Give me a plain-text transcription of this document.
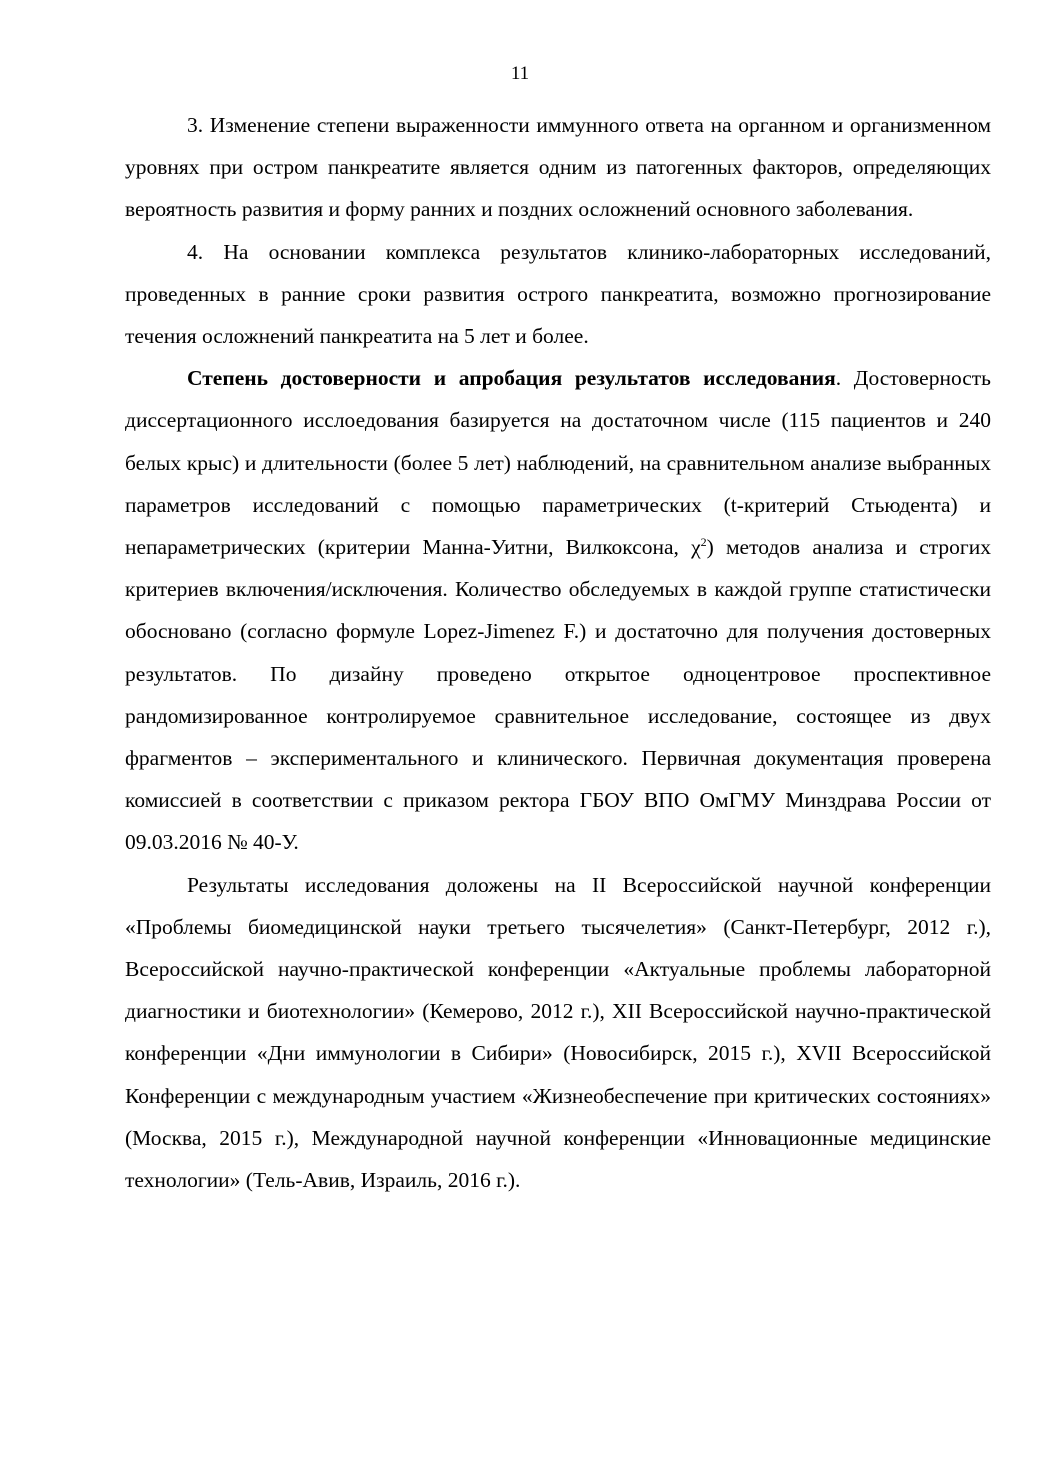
11

3. Изменение степени выраженности иммунного ответа на органном и организменном уровнях при остром панкреатите является одним из патогенных факторов, определяющих вероятность развития и форму ранних и поздних осложнений основного заболевания.

4. На основании комплекса результатов клинико-лабораторных исследований, проведенных в ранние сроки развития острого панкреатита, возможно прогнозирование течения осложнений панкреатита на 5 лет и более.

Степень достоверности и апробация результатов исследования. Достоверность диссертационного исслоедования базируется на достаточном числе (115 пациентов и 240 белых крыс) и длительности (более 5 лет) наблюдений, на сравнительном анализе выбранных параметров исследований с помощью параметрических (t-критерий Стьюдента) и непараметрических (критерии Манна-Уитни, Вилкоксона, $\chi^2$) методов анализа и строгих критериев включения/исключения. Количество обследуемых в каждой группе статистически обосновано (согласно формуле Lopez-Jimenez F.) и достаточно для получения достоверных результатов. По дизайну проведено открытое одноцентровое проспективное рандомизированное контролируемое сравнительное исследование, состоящее из двух фрагментов – экспериментального и клинического. Первичная документация проверена комиссией в соответствии с приказом ректора ГБОУ ВПО ОмГМУ Минздрава России от 09.03.2016 № 40-У.

Результаты исследования доложены на II Всероссийской научной конференции «Проблемы биомедицинской науки третьего тысячелетия» (Санкт-Петербург, 2012 г.), Всероссийской научно-практической конференции «Актуальные проблемы лабораторной диагностики и биотехнологии» (Кемерово, 2012 г.), XII Всероссийской научно-практической конференции «Дни иммунологии в Сибири» (Новосибирск, 2015 г.), XVII Всероссийской Конференции с международным участием «Жизнеобеспечение при критических состояниях» (Москва, 2015 г.), Международной научной конференции «Инновационные медицинские технологии» (Тель-Авив, Израиль, 2016 г.).
